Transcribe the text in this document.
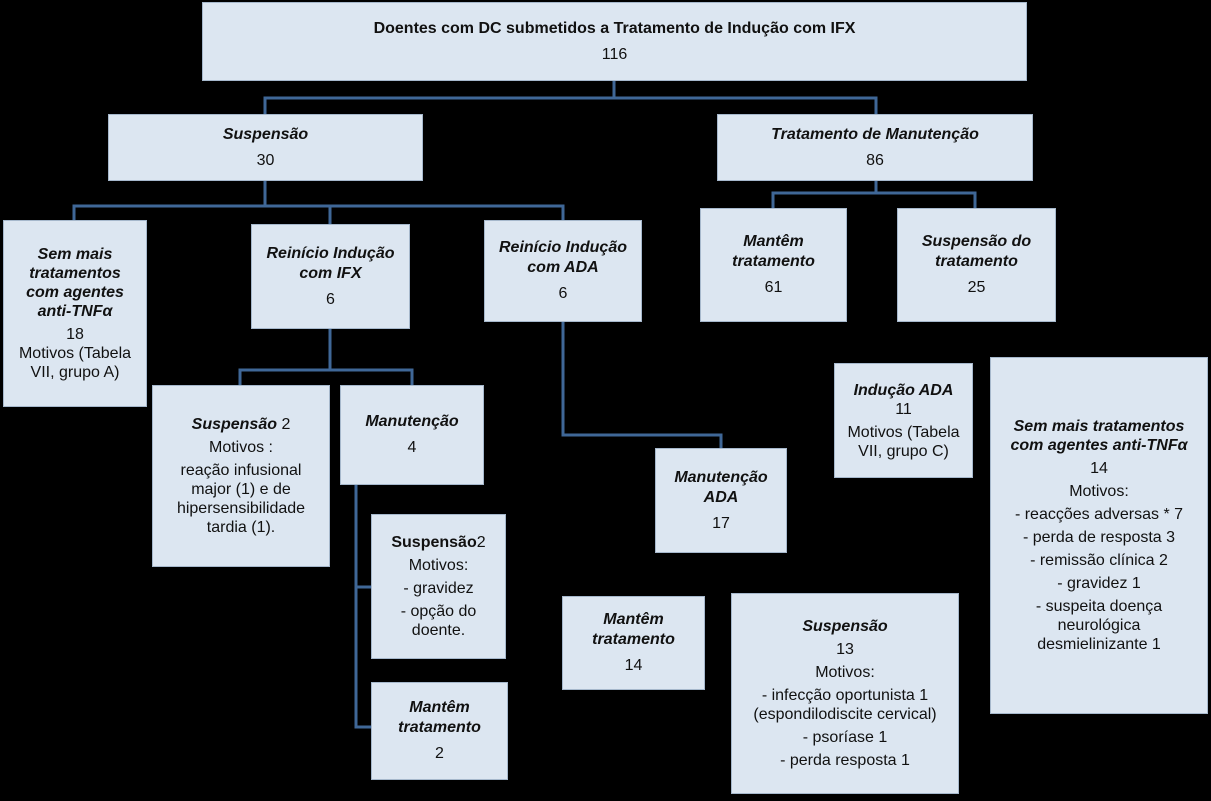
Doentes com DC submetidos a Tratamento de Indução com IFX
116
Suspensão
30
Tratamento de Manutenção
86
Sem mais
tratamentos
com agentes
anti-TNFα
18
Motivos (Tabela
VII, grupo A)
Reinício Indução
com IFX
6
Reinício Indução
com ADA
6
Mantêm
tratamento
61
Suspensão do
tratamento
25
Indução ADA
11
Motivos (Tabela
VII, grupo C)
Sem mais tratamentos
com agentes anti-TNFα
14
Motivos:
- reacções adversas * 7
- perda de resposta 3
- remissão clínica 2
- gravidez 1
- suspeita doença
neurológica
desmielinizante 1
Suspensão 2
Motivos :
reação infusional
major (1) e de
hipersensibilidade
tardia (1).
Manutenção
4
Manutenção
ADA
17
Suspensão2
Motivos:
- gravidez
- opção do
doente.
Mantêm
tratamento
2
Mantêm
tratamento
14
Suspensão
13
Motivos:
- infecção oportunista 1
(espondilodiscite cervical)
- psoríase 1
- perda resposta 1
